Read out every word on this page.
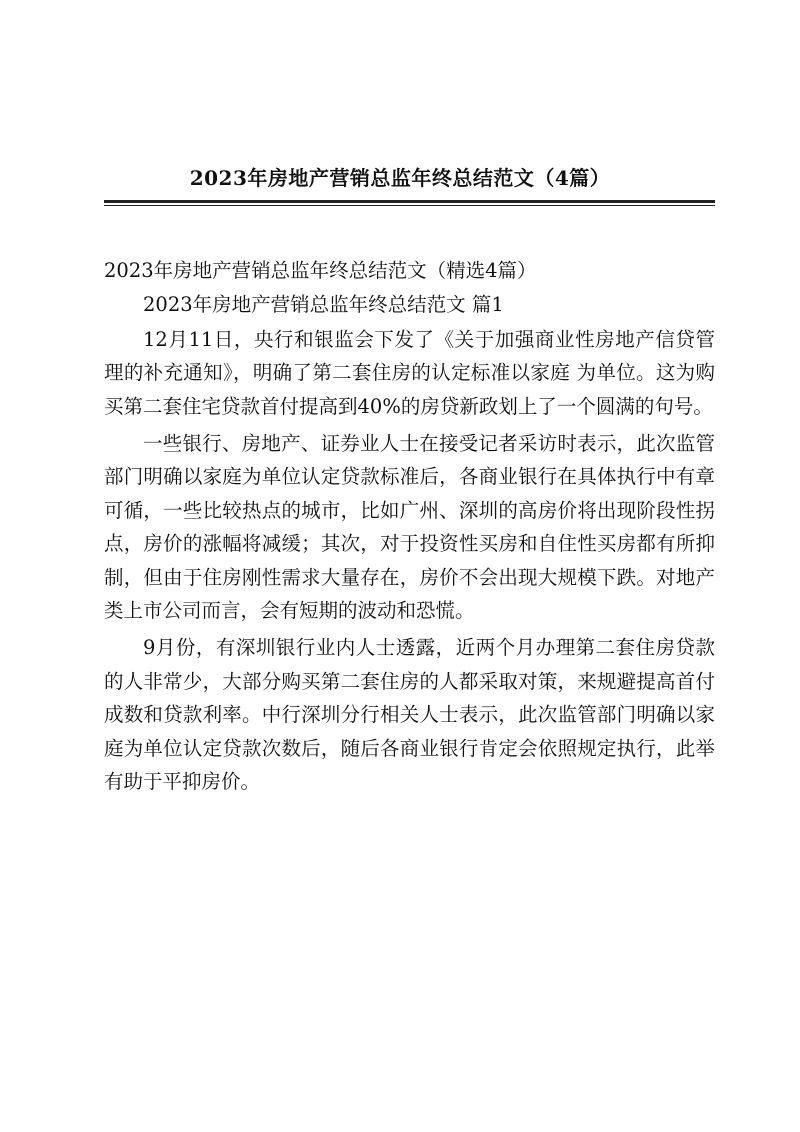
2023年房地产营销总监年终总结范文（4篇）

2023年房地产营销总监年终总结范文（精选4篇）

2023年房地产营销总监年终总结范文 篇1

12月11日，央行和银监会下发了《关于加强商业性房地产信贷管理的补充通知》，明确了第二套住房的认定标准以家庭 为单位。这为购买第二套住宅贷款首付提高到40%的房贷新政划上了一个圆满的句号。

一些银行、房地产、证券业人士在接受记者采访时表示，此次监管部门明确以家庭为单位认定贷款标准后，各商业银行在具体执行中有章可循，一些比较热点的城市，比如广州、深圳的高房价将出现阶段性拐点，房价的涨幅将减缓；其次，对于投资性买房和自住性买房都有所抑制，但由于住房刚性需求大量存在，房价不会出现大规模下跌。对地产类上市公司而言，会有短期的波动和恐慌。

9月份，有深圳银行业内人士透露，近两个月办理第二套住房贷款的人非常少，大部分购买第二套住房的人都采取对策，来规避提高首付成数和贷款利率。中行深圳分行相关人士表示，此次监管部门明确以家庭为单位认定贷款次数后，随后各商业银行肯定会依照规定执行，此举有助于平抑房价。
